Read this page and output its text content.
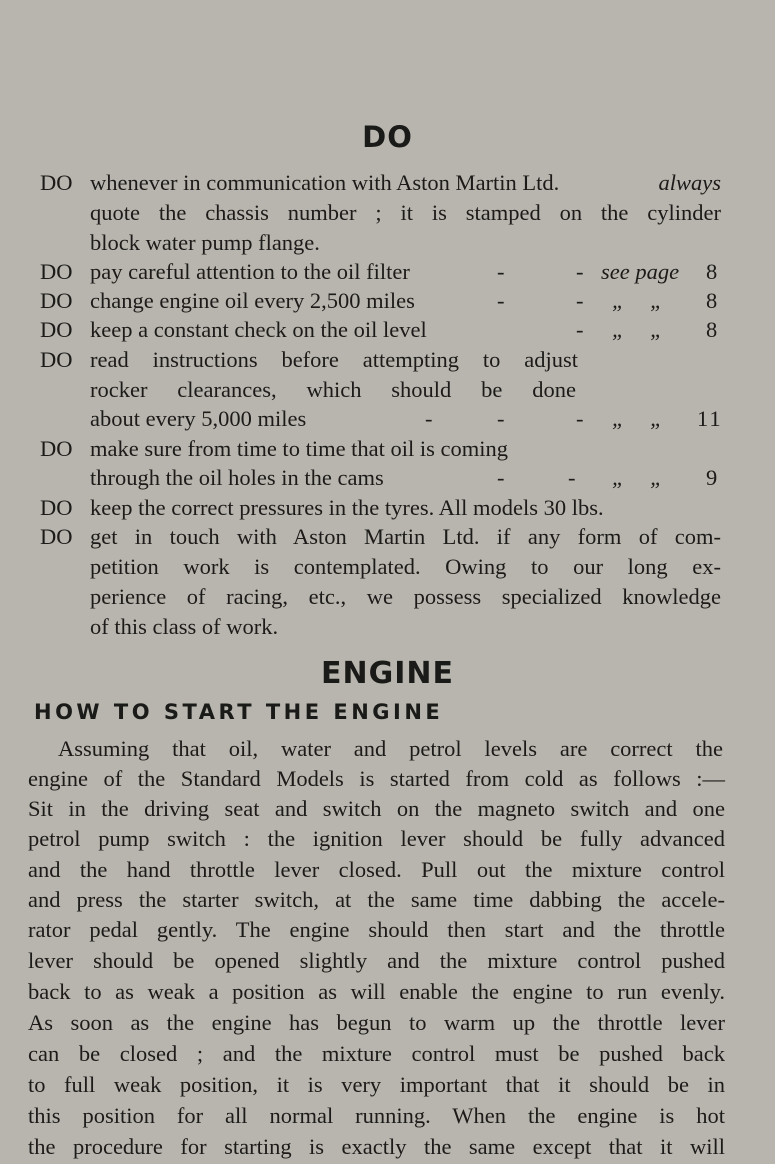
DO
DO whenever in communication with Aston Martin Ltd.	always
quote the chassis number ; it is stamped on the cylinder
block water pump flange.
DO pay careful attention to the oil filter	-	- see page 8
DO change engine oil every 2,500 miles	-	- „ „ 8
DO keep a constant check on the oil level	- „ „ 8
DO read instructions before attempting to adjust
rocker clearances, which should be done
about every 5,000 miles	-	-	- „ „ 11
DO make sure from time to time that oil is coming
through the oil holes in the cams	-	- „ „ 9
DO keep the correct pressures in the tyres. All models 30 lbs.
DO get in touch with Aston Martin Ltd. if any form of com-
petition work is contemplated. Owing to our long ex-
perience of racing, etc., we possess specialized knowledge
of this class of work.
ENGINE
HOW TO START THE ENGINE
Assuming that oil, water and petrol levels are correct the
engine of the Standard Models is started from cold as follows :—
Sit in the driving seat and switch on the magneto switch and one
petrol pump switch : the ignition lever should be fully advanced
and the hand throttle lever closed. Pull out the mixture control
and press the starter switch, at the same time dabbing the accele-
rator pedal gently. The engine should then start and the throttle
lever should be opened slightly and the mixture control pushed
back to as weak a position as will enable the engine to run evenly.
As soon as the engine has begun to warm up the throttle lever
can be closed ; and the mixture control must be pushed back
to full weak position, it is very important that it should be in
this position for all normal running. When the engine is hot
the procedure for starting is exactly the same except that it will
